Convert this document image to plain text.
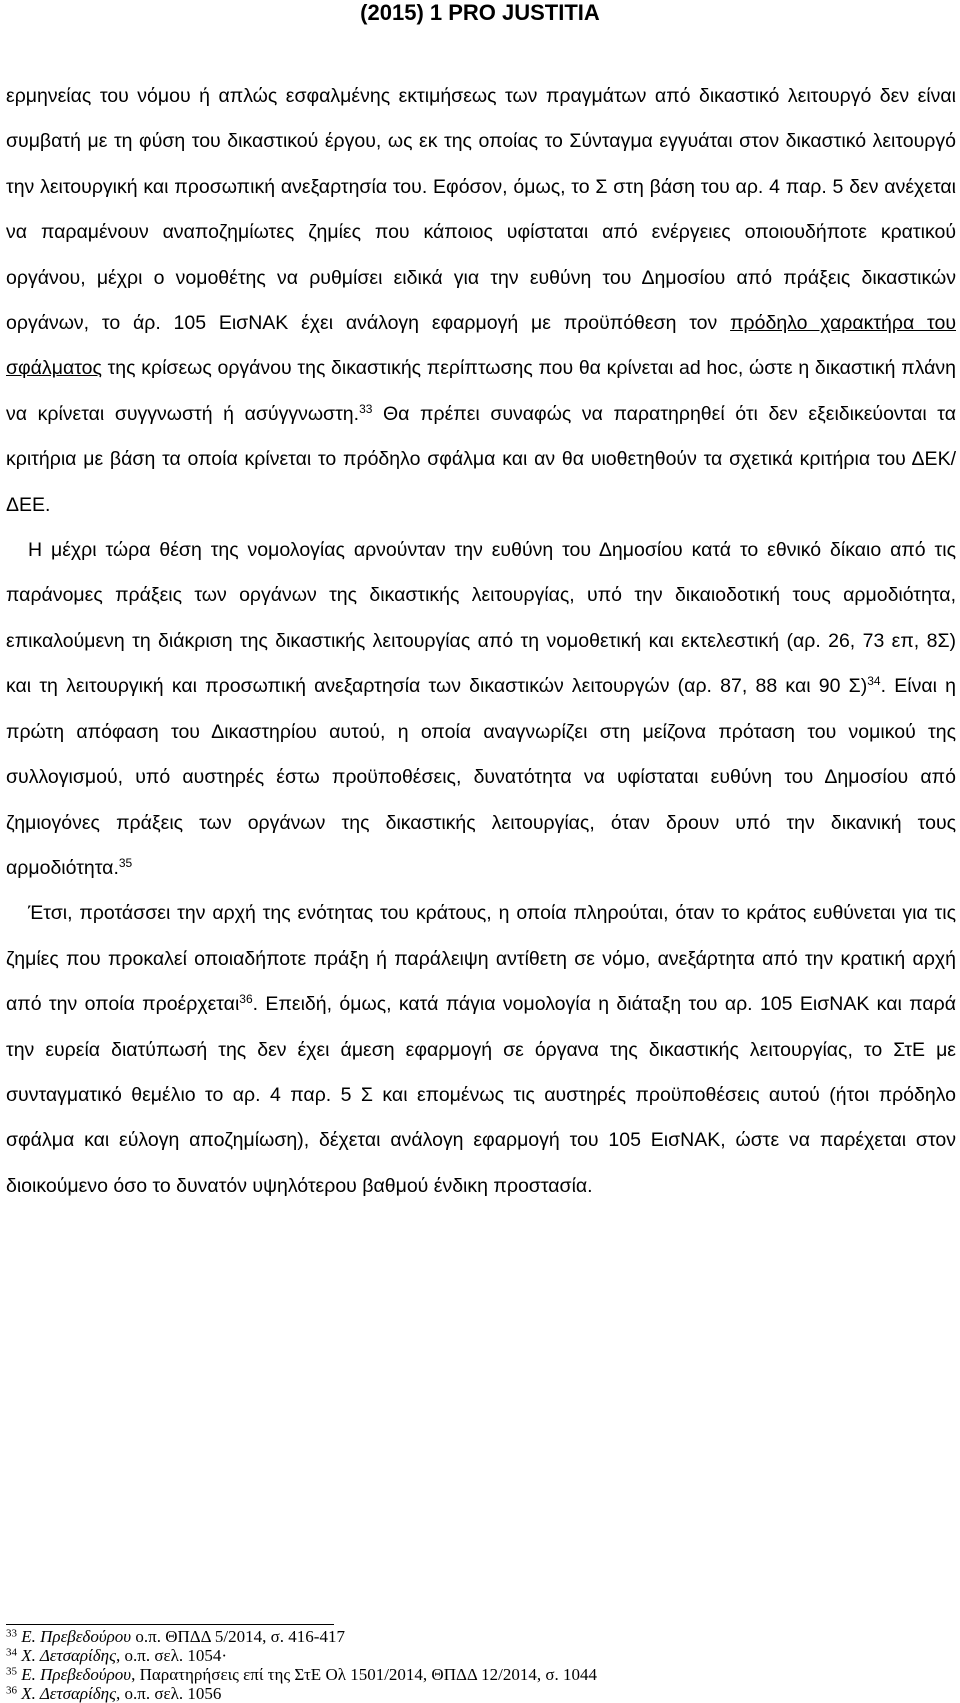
(2015) 1 PRO JUSTITIA

ερμηνείας του νόμου ή απλώς εσφαλμένης εκτιμήσεως των πραγμάτων από δικαστικό λειτουργό δεν είναι συμβατή με τη φύση του δικαστικού έργου, ως εκ της οποίας το Σύνταγμα εγγυάται στον δικαστικό λειτουργό την λειτουργική και προσωπική ανεξαρτησία του. Εφόσον, όμως, το Σ στη βάση του αρ. 4 παρ. 5 δεν ανέχεται να παραμένουν αναποζημίωτες ζημίες που κάποιος υφίσταται από ενέργειες οποιουδήποτε κρατικού οργάνου, μέχρι ο νομοθέτης να ρυθμίσει ειδικά για την ευθύνη του Δημοσίου από πράξεις δικαστικών οργάνων, το άρ. 105 ΕισΝΑΚ έχει ανάλογη εφαρμογή με προϋπόθεση τον πρόδηλο χαρακτήρα του σφάλματος της κρίσεως οργάνου της δικαστικής περίπτωσης που θα κρίνεται ad hoc, ώστε η δικαστική πλάνη να κρίνεται συγγνωστή ή ασύγγνωστη.$^{33}$ Θα πρέπει συναφώς να παρατηρηθεί ότι δεν εξειδικεύονται τα κριτήρια με βάση τα οποία κρίνεται το πρόδηλο σφάλμα και αν θα υιοθετηθούν τα σχετικά κριτήρια του ΔΕΚ/ΔΕΕ.

Η μέχρι τώρα θέση της νομολογίας αρνούνταν την ευθύνη του Δημοσίου κατά το εθνικό δίκαιο από τις παράνομες πράξεις των οργάνων της δικαστικής λειτουργίας, υπό την δικαιοδοτική τους αρμοδιότητα, επικαλούμενη τη διάκριση της δικαστικής λειτουργίας από τη νομοθετική και εκτελεστική (αρ. 26, 73 επ, 8Σ) και τη λειτουργική και προσωπική ανεξαρτησία των δικαστικών λειτουργών (αρ. 87, 88 και 90 Σ)$^{34}$. Είναι η πρώτη απόφαση του Δικαστηρίου αυτού, η οποία αναγνωρίζει στη μείζονα πρόταση του νομικού της συλλογισμού, υπό αυστηρές έστω προϋποθέσεις, δυνατότητα να υφίσταται ευθύνη του Δημοσίου από ζημιογόνες πράξεις των οργάνων της δικαστικής λειτουργίας, όταν δρουν υπό την δικανική τους αρμοδιότητα.$^{35}$

Έτσι, προτάσσει την αρχή της ενότητας του κράτους, η οποία πληρούται, όταν το κράτος ευθύνεται για τις ζημίες που προκαλεί οποιαδήποτε πράξη ή παράλειψη αντίθετη σε νόμο, ανεξάρτητα από την κρατική αρχή από την οποία προέρχεται$^{36}$. Επειδή, όμως, κατά πάγια νομολογία η διάταξη του αρ. 105 ΕισΝΑΚ και παρά την ευρεία διατύπωσή της δεν έχει άμεση εφαρμογή σε όργανα της δικαστικής λειτουργίας, το ΣτΕ με συνταγματικό θεμέλιο το αρ. 4 παρ. 5 Σ και επομένως τις αυστηρές προϋποθέσεις αυτού (ήτοι πρόδηλο σφάλμα και εύλογη αποζημίωση), δέχεται ανάλογη εφαρμογή του 105 ΕισΝΑΚ, ώστε να παρέχεται στον διοικούμενο όσο το δυνατόν υψηλότερου βαθμού ένδικη προστασία.

$^{33}$ Ε. Πρεβεδούρου ο.π. ΘΠΔΔ 5/2014, σ. 416-417
$^{34}$ Χ. Δετσαρίδης, ο.π. σελ. 1054·
$^{35}$ Ε. Πρεβεδούρου, Παρατηρήσεις επί της ΣτΕ Ολ 1501/2014, ΘΠΔΔ 12/2014, σ. 1044
$^{36}$ Χ. Δετσαρίδης, ο.π. σελ. 1056
